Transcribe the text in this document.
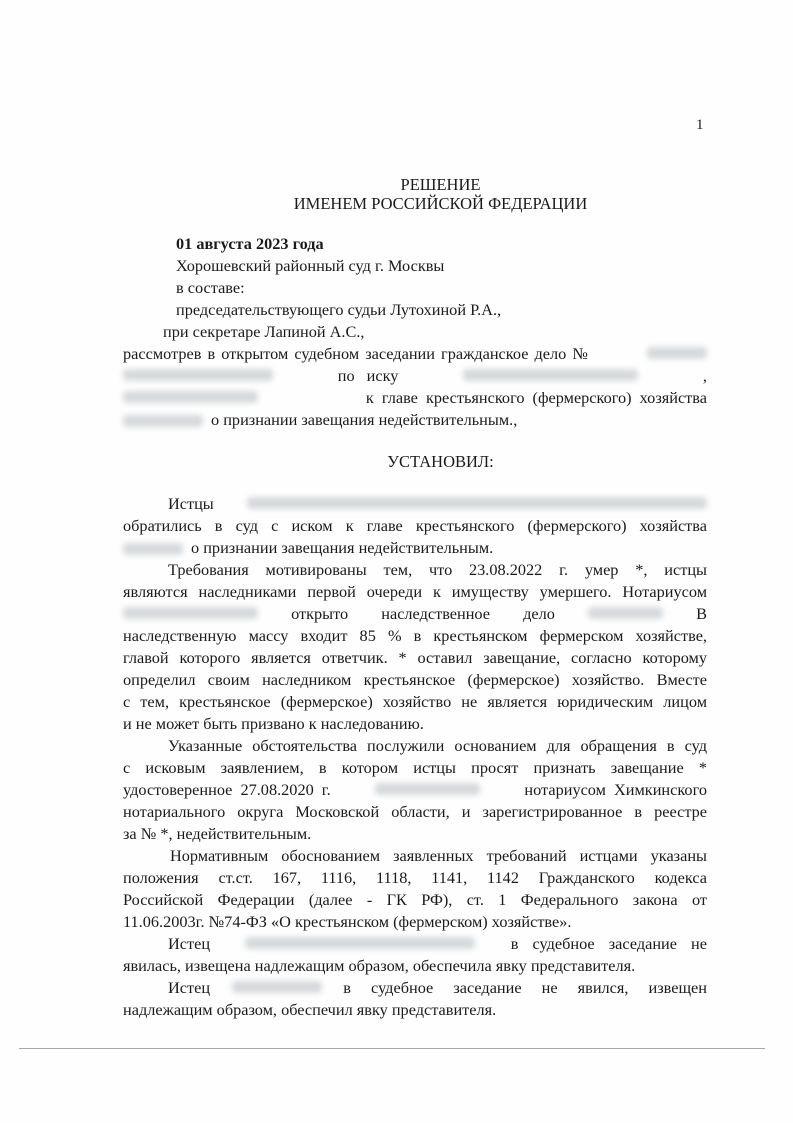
1
РЕШЕНИЕ
ИМЕНЕМ РОССИЙСКОЙ ФЕДЕРАЦИИ
01 августа 2023 года
Хорошевский районный суд г. Москвы
в составе:
председательствующего судьи Лутохиной Р.А.,
при секретаре Лапиной А.С.,
рассмотрев в открытом судебном заседании гражданское дело №
по иску	,
к главе крестьянского (фермерского) хозяйства
о признании завещания недействительным.,
УСТАНОВИЛ:
Истцы
обратились в суд с иском к главе крестьянского (фермерского) хозяйства
о признании завещания недействительным.
Требования мотивированы тем, что 23.08.2022 г. умер *, истцы
являются наследниками первой очереди к имуществу умершего. Нотариусом
открыто наследственное дело	В
наследственную массу входит 85 % в крестьянском фермерском хозяйстве,
главой которого является ответчик. * оставил завещание, согласно которому
определил своим наследником крестьянское (фермерское) хозяйство. Вместе
с тем, крестьянское (фермерское) хозяйство не является юридическим лицом
и не может быть призвано к наследованию.
Указанные обстоятельства послужили основанием для обращения в суд
с исковым заявлением, в котором истцы просят признать завещание *
удостоверенное 27.08.2020 г.	нотариусом Химкинского
нотариального округа Московской области, и зарегистрированное в реестре
за № *, недействительным.
Нормативным обоснованием заявленных требований истцами указаны
положения ст.ст. 167, 1116, 1118, 1141, 1142 Гражданского кодекса
Российской Федерации (далее - ГК РФ), ст. 1 Федерального закона от
11.06.2003г. №74-ФЗ «О крестьянском (фермерском) хозяйстве».
Истец	в судебное заседание не
явилась, извещена надлежащим образом, обеспечила явку представителя.
Истец	в судебное заседание не явился, извещен
надлежащим образом, обеспечил явку представителя.
